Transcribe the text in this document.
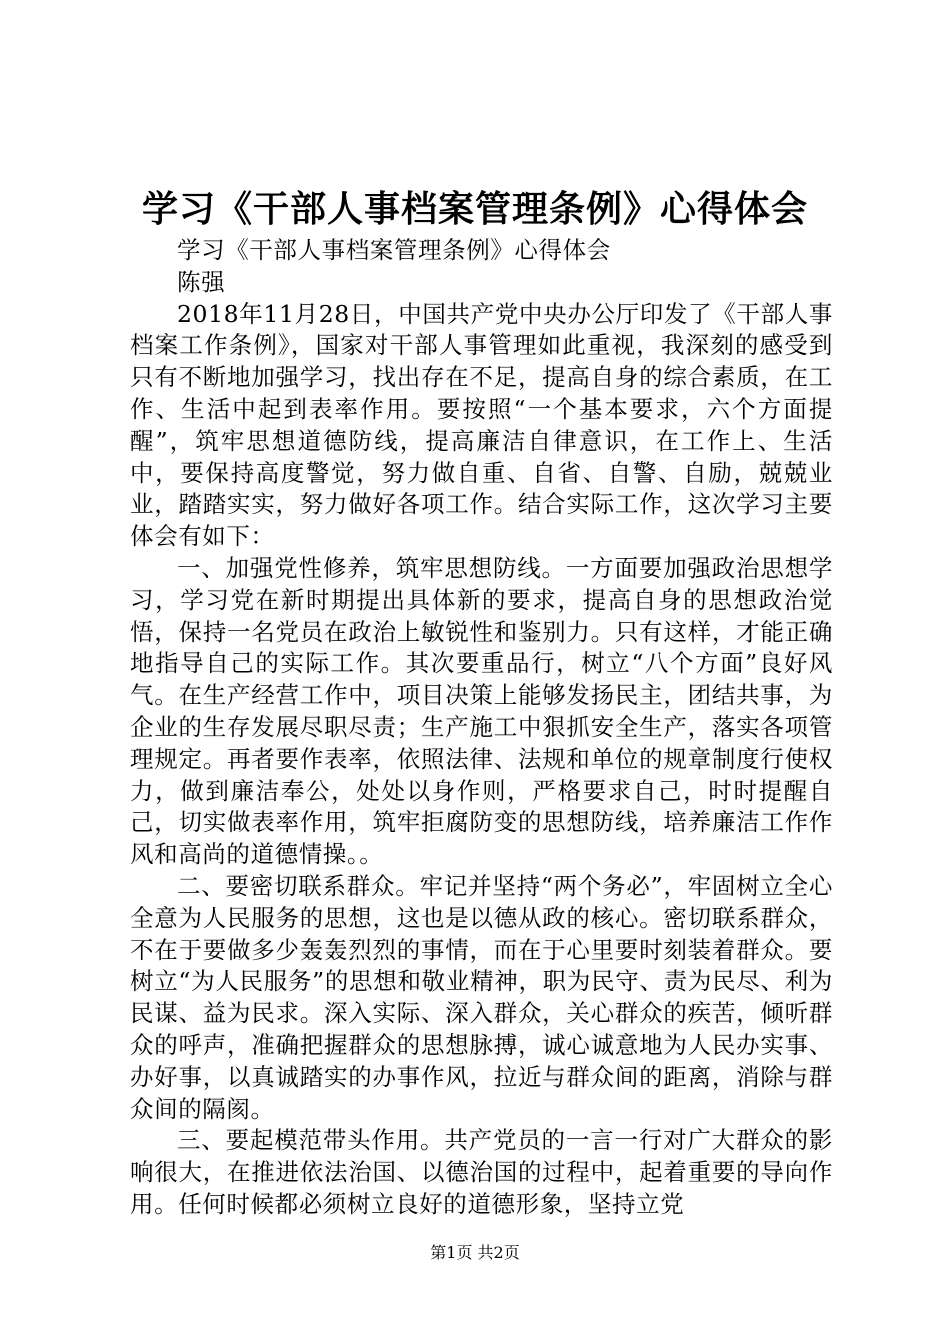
学习《干部人事档案管理条例》心得体会

学习《干部人事档案管理条例》心得体会

陈强

2018年11月28日，中国共产党中央办公厅印发了《干部人事档案工作条例》，国家对干部人事管理如此重视，我深刻的感受到只有不断地加强学习，找出存在不足，提高自身的综合素质，在工作、生活中起到表率作用。要按照“一个基本要求，六个方面提醒”，筑牢思想道德防线，提高廉洁自律意识，在工作上、生活中，要保持高度警觉，努力做自重、自省、自警、自励，兢兢业业，踏踏实实，努力做好各项工作。结合实际工作，这次学习主要体会有如下：

一、加强党性修养，筑牢思想防线。一方面要加强政治思想学习，学习党在新时期提出具体新的要求，提高自身的思想政治觉悟，保持一名党员在政治上敏锐性和鉴别力。只有这样，才能正确地指导自己的实际工作。其次要重品行，树立“八个方面”良好风气。在生产经营工作中，项目决策上能够发扬民主，团结共事，为企业的生存发展尽职尽责；生产施工中狠抓安全生产，落实各项管理规定。再者要作表率，依照法律、法规和单位的规章制度行使权力，做到廉洁奉公，处处以身作则，严格要求自己，时时提醒自己，切实做表率作用，筑牢拒腐防变的思想防线，培养廉洁工作作风和高尚的道德情操。。

二、要密切联系群众。牢记并坚持“两个务必”，牢固树立全心全意为人民服务的思想，这也是以德从政的核心。密切联系群众，不在于要做多少轰轰烈烈的事情，而在于心里要时刻装着群众。要树立“为人民服务”的思想和敬业精神，职为民守、责为民尽、利为民谋、益为民求。深入实际、深入群众，关心群众的疾苦，倾听群众的呼声，准确把握群众的思想脉搏，诚心诚意地为人民办实事、办好事，以真诚踏实的办事作风，拉近与群众间的距离，消除与群众间的隔阂。

三、要起模范带头作用。共产党员的一言一行对广大群众的影响很大，在推进依法治国、以德治国的过程中，起着重要的导向作用。任何时候都必须树立良好的道德形象，坚持立党

第1页 共2页
